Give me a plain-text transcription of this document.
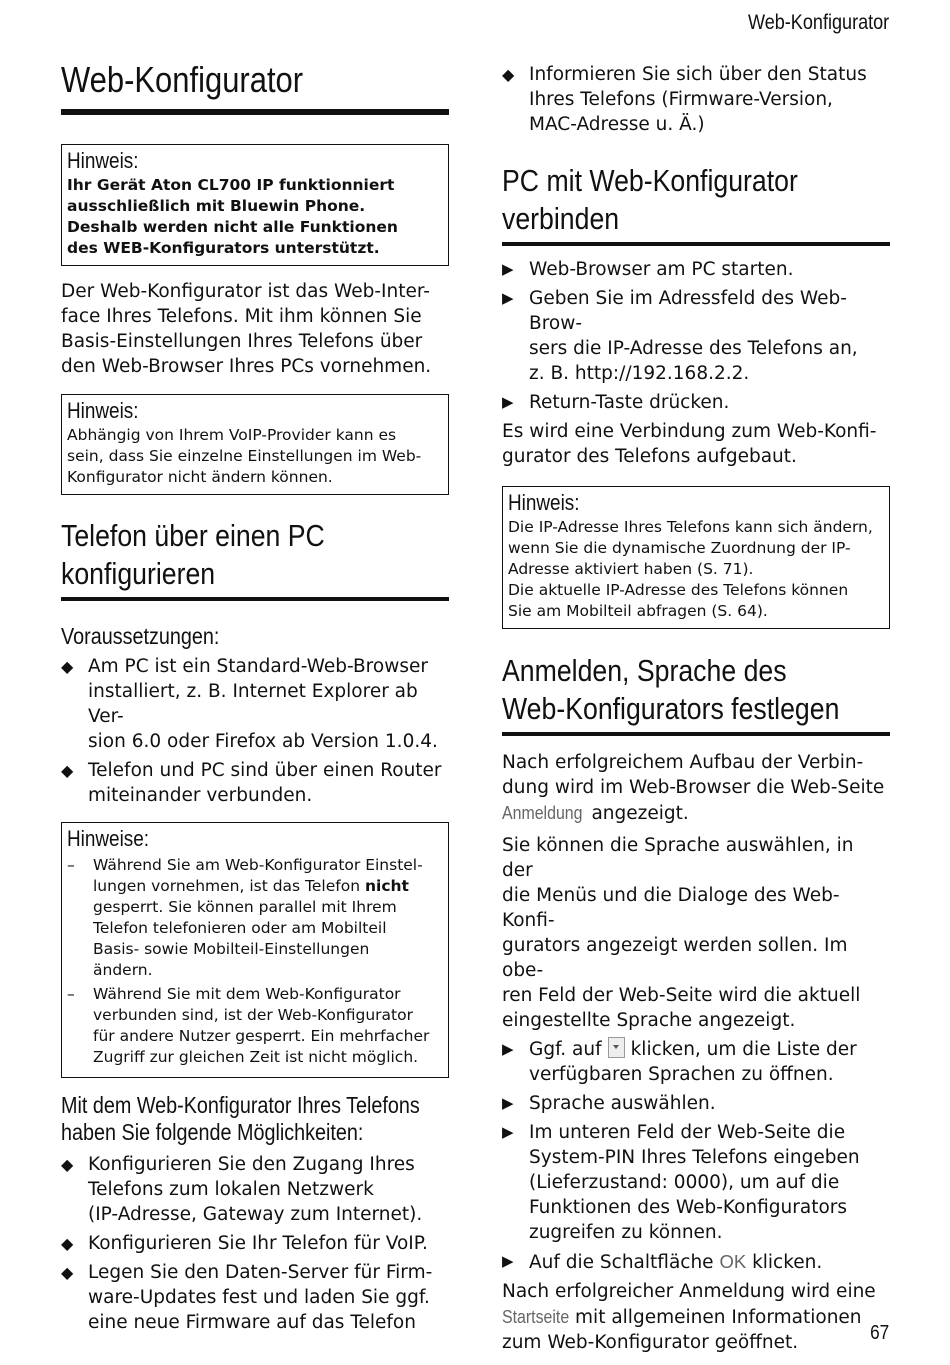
Web-Konfigurator
Web-Konfigurator
Hinweis:
Ihr Gerät Aton CL700 IP funktionniert
ausschließlich mit Bluewin Phone.
Deshalb werden nicht alle Funktionen
des WEB-Konfigurators unterstützt.

Der Web-Konfigurator ist das Web-Inter-
face Ihres Telefons. Mit ihm können Sie
Basis-Einstellungen Ihres Telefons über
den Web-Browser Ihres PCs vornehmen.

Hinweis:
Abhängig von Ihrem VoIP-Provider kann es
sein, dass Sie einzelne Einstellungen im Web-
Konfigurator nicht ändern können.
Telefon über einen PC
konfigurieren
Voraussetzungen:
◆ Am PC ist ein Standard-Web-Browser
installiert, z. B. Internet Explorer ab Ver-
sion 6.0 oder Firefox ab Version 1.0.4.
◆ Telefon und PC sind über einen Router
miteinander verbunden.
Hinweise:
– Während Sie am Web-Konfigurator Einstel-
lungen vornehmen, ist das Telefon nicht
gesperrt. Sie können parallel mit Ihrem
Telefon telefonieren oder am Mobilteil
Basis- sowie Mobilteil-Einstellungen
ändern.
– Während Sie mit dem Web-Konfigurator
verbunden sind, ist der Web-Konfigurator
für andere Nutzer gesperrt. Ein mehrfacher
Zugriff zur gleichen Zeit ist nicht möglich.
Mit dem Web-Konfigurator Ihres Telefons
haben Sie folgende Möglichkeiten:
◆ Konfigurieren Sie den Zugang Ihres
Telefons zum lokalen Netzwerk
(IP-Adresse, Gateway zum Internet).
◆ Konfigurieren Sie Ihr Telefon für VoIP.
◆ Legen Sie den Daten-Server für Firm-
ware-Updates fest und laden Sie ggf.
eine neue Firmware auf das Telefon
◆ Informieren Sie sich über den Status
Ihres Telefons (Firmware-Version,
MAC-Adresse u. Ä.)
PC mit Web-Konfigurator
verbinden
▶ Web-Browser am PC starten.
▶ Geben Sie im Adressfeld des Web-Brow-
sers die IP-Adresse des Telefons an,
z. B. http://192.168.2.2.
▶ Return-Taste drücken.

Es wird eine Verbindung zum Web-Konfi-
gurator des Telefons aufgebaut.

Hinweis:
Die IP-Adresse Ihres Telefons kann sich ändern,
wenn Sie die dynamische Zuordnung der IP-
Adresse aktiviert haben (S. 71).
Die aktuelle IP-Adresse des Telefons können
Sie am Mobilteil abfragen (S. 64).
Anmelden, Sprache des
Web-Konfigurators festlegen

Nach erfolgreichem Aufbau der Verbin-
dung wird im Web-Browser die Web-Seite
Anmeldung angezeigt.

Sie können die Sprache auswählen, in der
die Menüs und die Dialoge des Web-Konfi-
gurators angezeigt werden sollen. Im obe-
ren Feld der Web-Seite wird die aktuell
eingestellte Sprache angezeigt.

▶ Ggf. auf klicken, um die Liste der
verfügbaren Sprachen zu öffnen.
▶ Sprache auswählen.
▶ Im unteren Feld der Web-Seite die
System-PIN Ihres Telefons eingeben
(Lieferzustand: 0000), um auf die
Funktionen des Web-Konfigurators
zugreifen zu können.
▶ Auf die Schaltfläche OK klicken.

Nach erfolgreicher Anmeldung wird eine
Startseite mit allgemeinen Informationen
zum Web-Konfigurator geöffnet.	67
